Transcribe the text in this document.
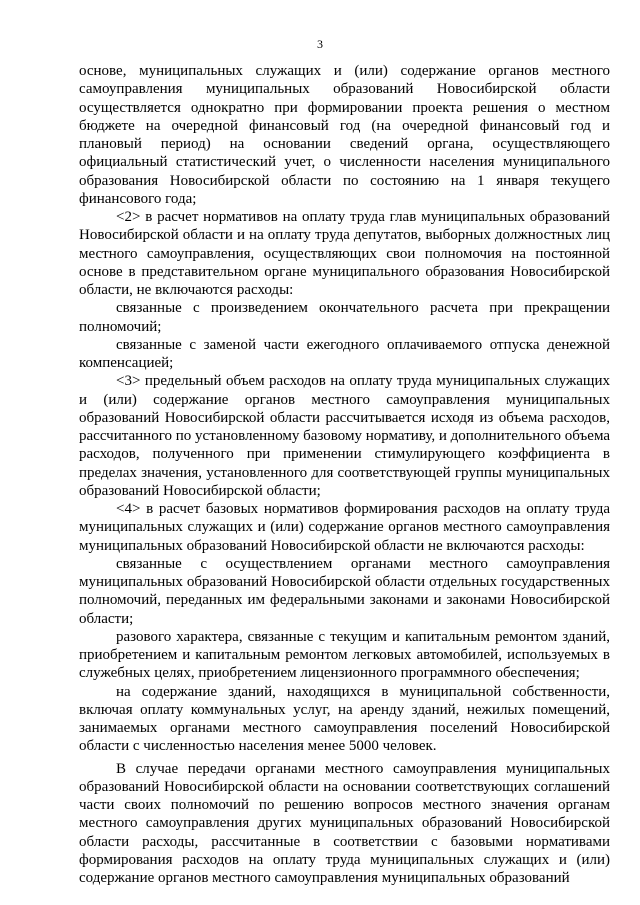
3

основе, муниципальных служащих и (или) содержание органов местного самоуправления муниципальных образований Новосибирской области осуществляется однократно при формировании проекта решения о местном бюджете на очередной финансовый год (на очередной финансовый год и плановый период) на основании сведений органа, осуществляющего официальный статистический учет, о численности населения муниципального образования Новосибирской области по состоянию на 1 января текущего финансового года;

<2> в расчет нормативов на оплату труда глав муниципальных образований Новосибирской области и на оплату труда депутатов, выборных должностных лиц местного самоуправления, осуществляющих свои полномочия на постоянной основе в представительном органе муниципального образования Новосибирской области, не включаются расходы:

связанные с произведением окончательного расчета при прекращении полномочий;

связанные с заменой части ежегодного оплачиваемого отпуска денежной компенсацией;

<3> предельный объем расходов на оплату труда муниципальных служащих и (или) содержание органов местного самоуправления муниципальных образований Новосибирской области рассчитывается исходя из объема расходов, рассчитанного по установленному базовому нормативу, и дополнительного объема расходов, полученного при применении стимулирующего коэффициента в пределах значения, установленного для соответствующей группы муниципальных образований Новосибирской области;

<4> в расчет базовых нормативов формирования расходов на оплату труда муниципальных служащих и (или) содержание органов местного самоуправления муниципальных образований Новосибирской области не включаются расходы:

связанные с осуществлением органами местного самоуправления муниципальных образований Новосибирской области отдельных государственных полномочий, переданных им федеральными законами и законами Новосибирской области;

разового характера, связанные с текущим и капитальным ремонтом зданий, приобретением и капитальным ремонтом легковых автомобилей, используемых в служебных целях, приобретением лицензионного программного обеспечения;

на содержание зданий, находящихся в муниципальной собственности, включая оплату коммунальных услуг, на аренду зданий, нежилых помещений, занимаемых органами местного самоуправления поселений Новосибирской области с численностью населения менее 5000 человек.

В случае передачи органами местного самоуправления муниципальных образований Новосибирской области на основании соответствующих соглашений части своих полномочий по решению вопросов местного значения органам местного самоуправления других муниципальных образований Новосибирской области расходы, рассчитанные в соответствии с базовыми нормативами формирования расходов на оплату труда муниципальных служащих и (или) содержание органов местного самоуправления муниципальных образований
